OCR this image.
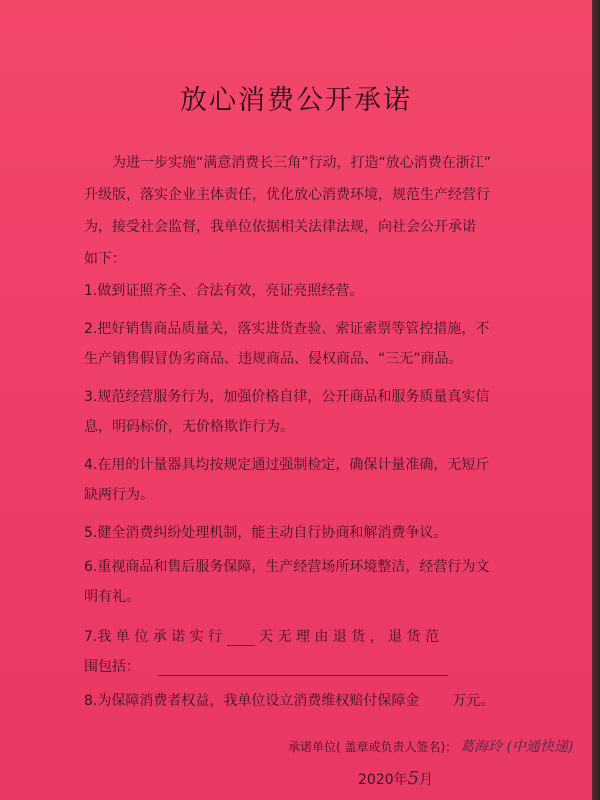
放心消费公开承诺
为进一步实施“满意消费长三角”行动，打造“放心消费在浙江”
升级版，落实企业主体责任，优化放心消费环境，规范生产经营行
为，接受社会监督，我单位依据相关法律法规，向社会公开承诺
如下：
1.做到证照齐全、合法有效，亮证亮照经营。
2.把好销售商品质量关，落实进货查验、索证索票等管控措施，不
生产销售假冒伪劣商品、违规商品、侵权商品、“三无”商品。
3.规范经营服务行为，加强价格自律，公开商品和服务质量真实信
息，明码标价，无价格欺诈行为。
4.在用的计量器具均按规定通过强制检定，确保计量准确，无短斤
缺两行为。
5.健全消费纠纷处理机制，能主动自行协商和解消费争议。
6.重视商品和售后服务保障，生产经营场所环境整洁，经营行为文
明有礼。
7.我 单 位 承 诺 实 行	天 无 理 由 退 货 ， 退 货 范
围包括：
8.为保障消费者权益，我单位设立消费维权赔付保障金 万元。
承诺单位( 盖章或负责人签名)： 葛海玲 (中通快递)
2020年5月
